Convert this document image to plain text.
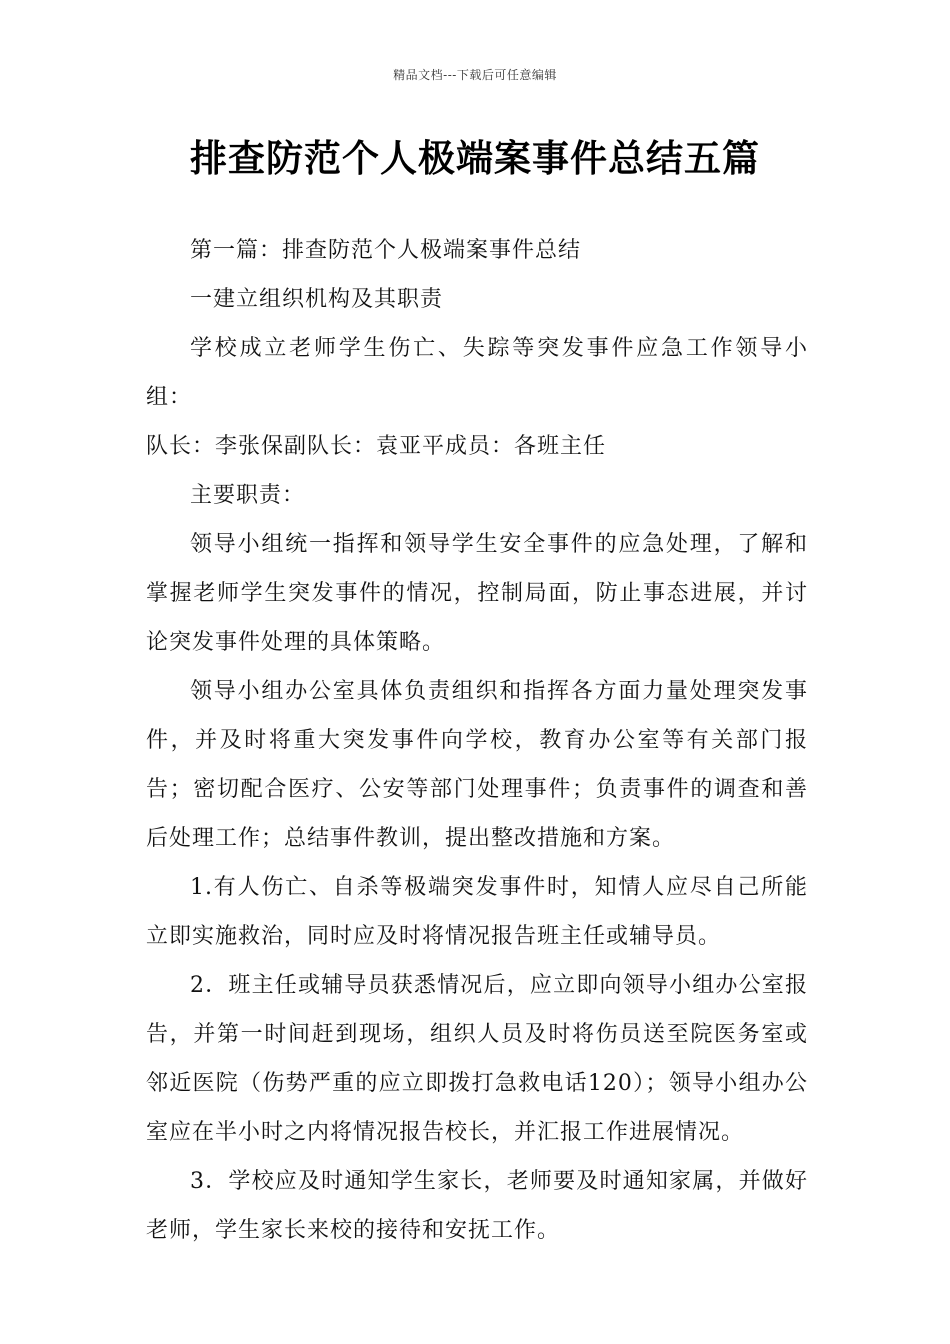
精品文档---下载后可任意编辑
排查防范个人极端案事件总结五篇

第一篇：排查防范个人极端案事件总结

一建立组织机构及其职责

学校成立老师学生伤亡、失踪等突发事件应急工作领导小组：

队长：李张保副队长：袁亚平成员：各班主任

主要职责：

领导小组统一指挥和领导学生安全事件的应急处理，了解和掌握老师学生突发事件的情况，控制局面，防止事态进展，并讨论突发事件处理的具体策略。

领导小组办公室具体负责组织和指挥各方面力量处理突发事件，并及时将重大突发事件向学校，教育办公室等有关部门报告；密切配合医疗、公安等部门处理事件；负责事件的调查和善后处理工作；总结事件教训，提出整改措施和方案。

1.有人伤亡、自杀等极端突发事件时，知情人应尽自己所能立即实施救治，同时应及时将情况报告班主任或辅导员。

2．班主任或辅导员获悉情况后，应立即向领导小组办公室报告，并第一时间赶到现场，组织人员及时将伤员送至院医务室或邻近医院（伤势严重的应立即拨打急救电话120）；领导小组办公室应在半小时之内将情况报告校长，并汇报工作进展情况。

3．学校应及时通知学生家长，老师要及时通知家属，并做好老师，学生家长来校的接待和安抚工作。
